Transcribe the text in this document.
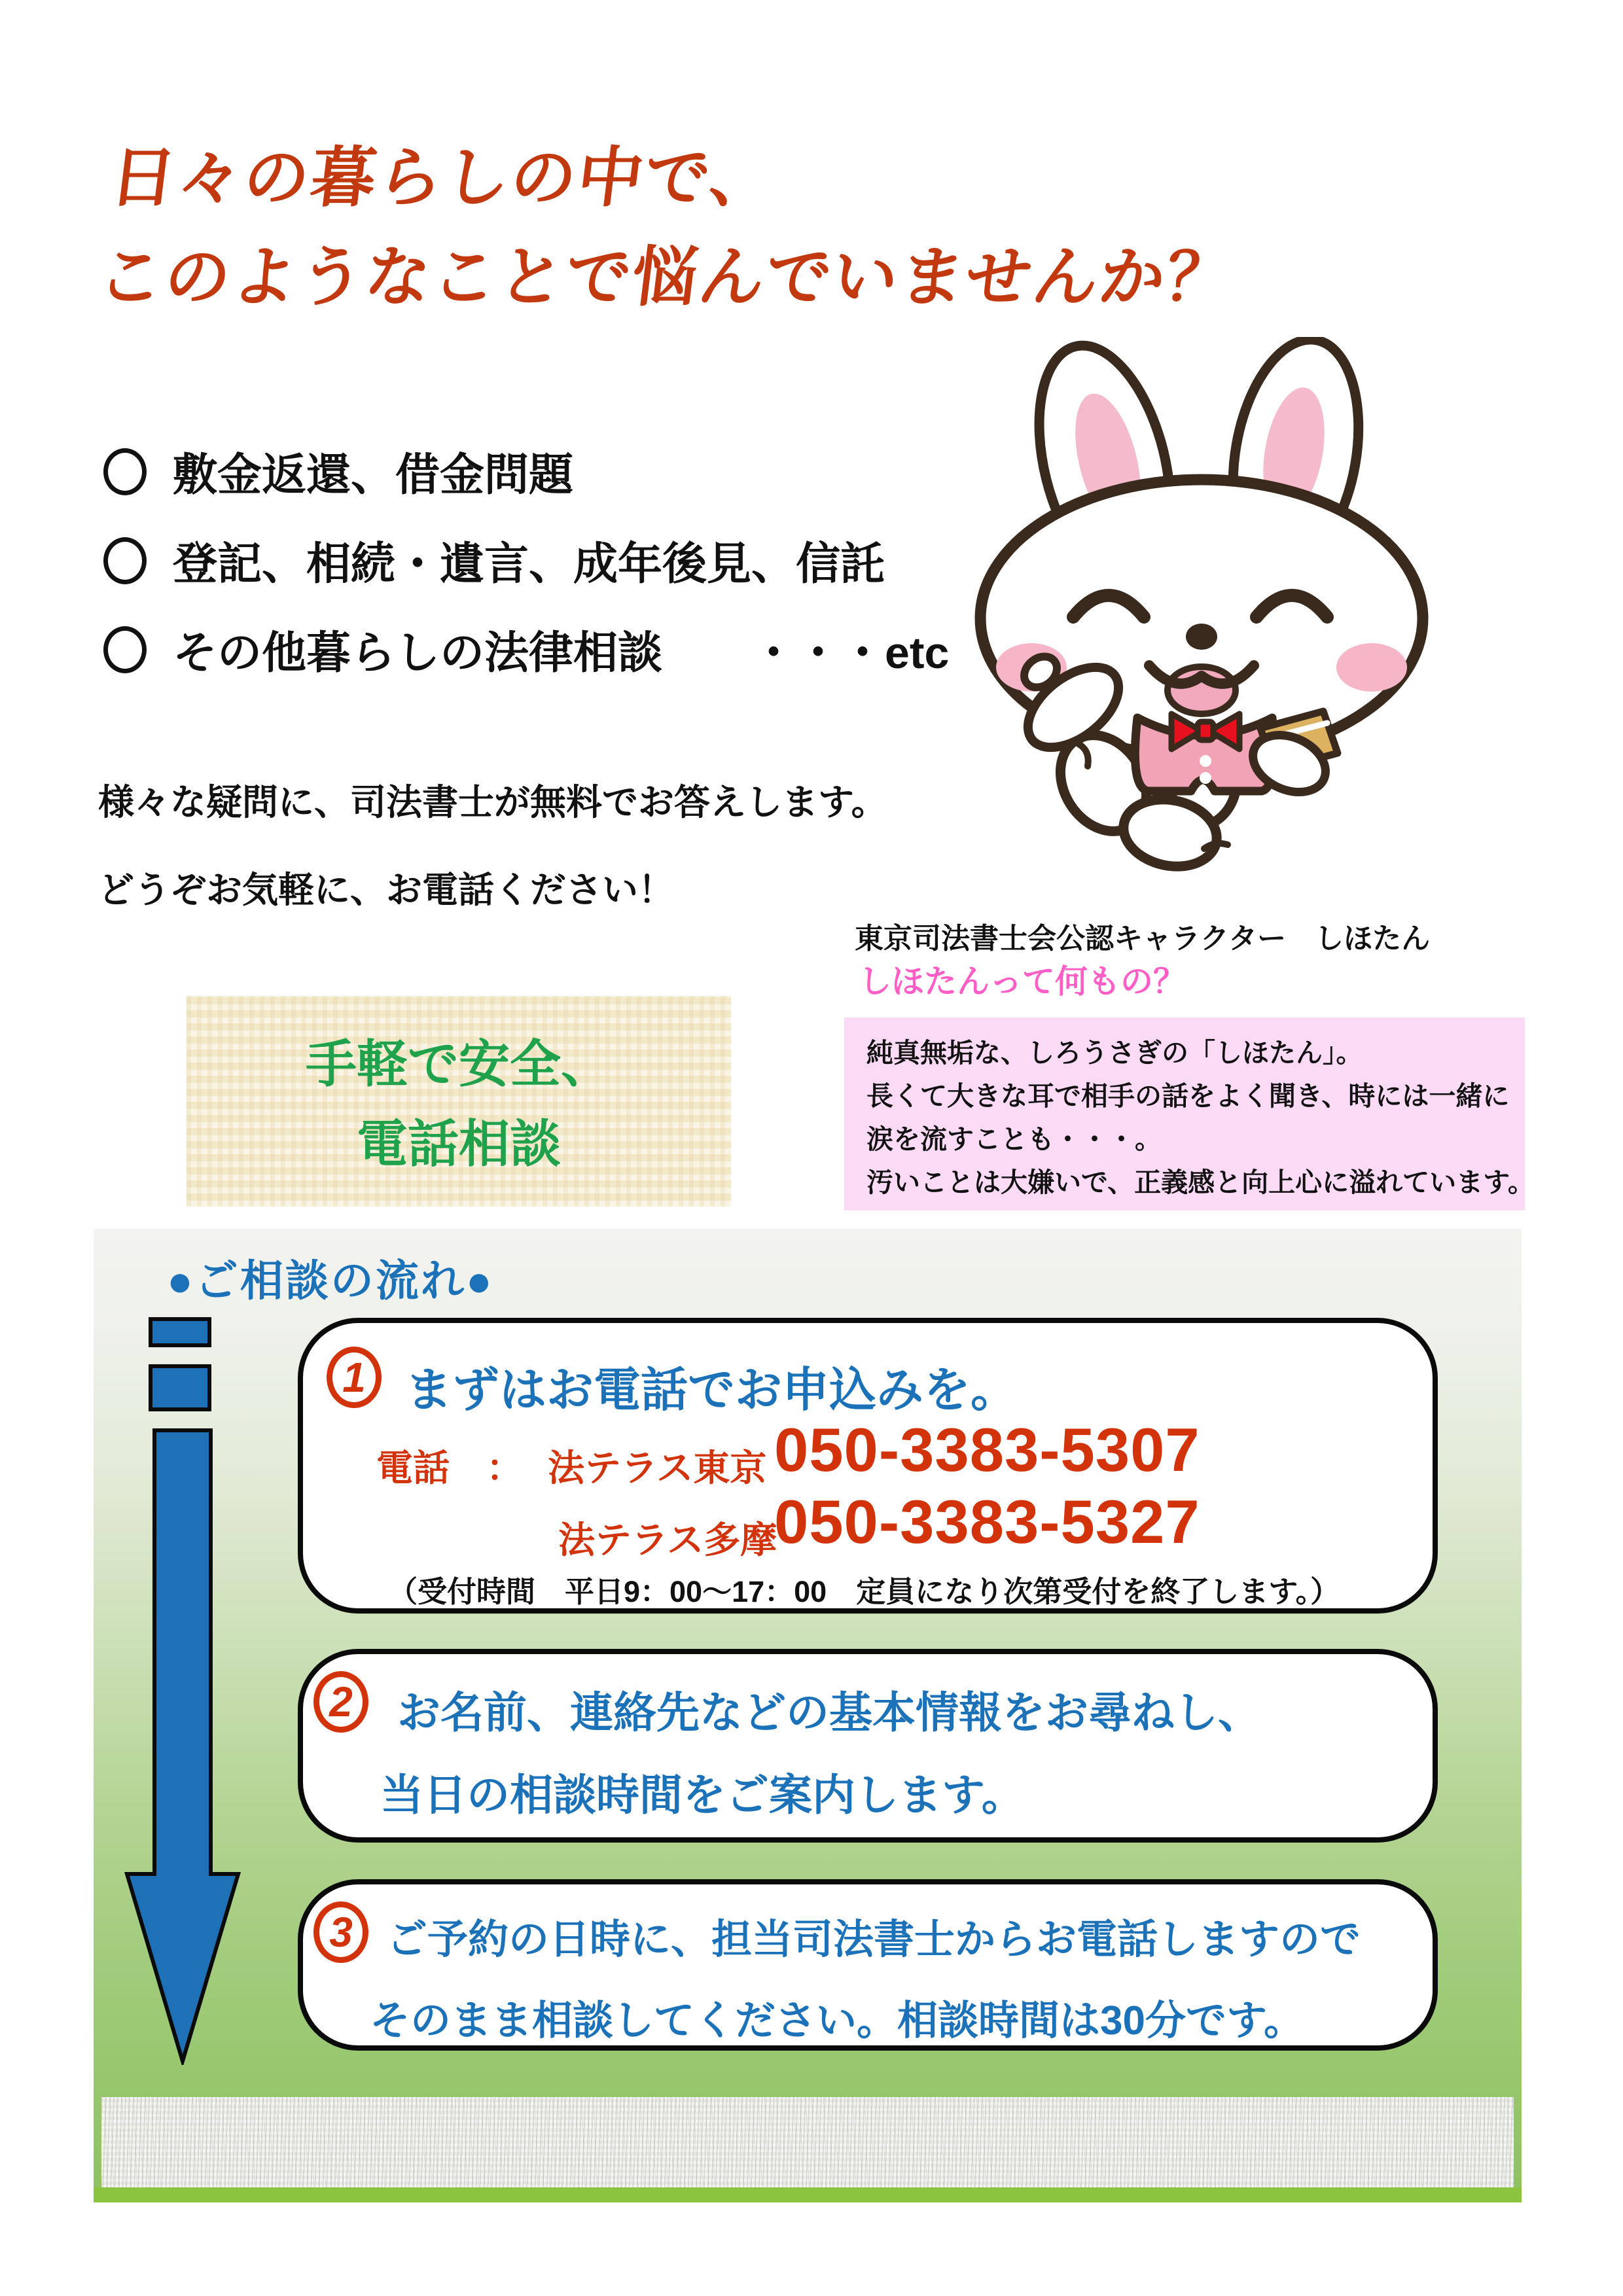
日々の暮らしの中で、
このようなことで悩んでいませんか？
敷金返還、借金問題
登記、相続・遺言、成年後見、信託
その他暮らしの法律相談　　・・・etc
様々な疑問に、司法書士が無料でお答えします。
どうぞお気軽に、お電話ください！
東京司法書士会公認キャラクター　しほたん
しほたんって何もの？
純真無垢な、しろうさぎの「しほたん」。
長くて大きな耳で相手の話をよく聞き、時には一緒に
涙を流すことも・・・。
汚いことは大嫌いで、正義感と向上心に溢れています。
手軽で安全、
電話相談
●ご相談の流れ●
1 まずはお電話でお申込みを。
電話　： 法テラス東京 050-3383-5307
法テラス多摩
050-3383-5327
（受付時間　平日9：00～17：00　定員になり次第受付を終了します。）
2	お名前、連絡先などの基本情報をお尋ねし、
当日の相談時間をご案内します。
3 ご予約の日時に、担当司法書士からお電話しますので
そのまま相談してください。相談時間は30分です。
